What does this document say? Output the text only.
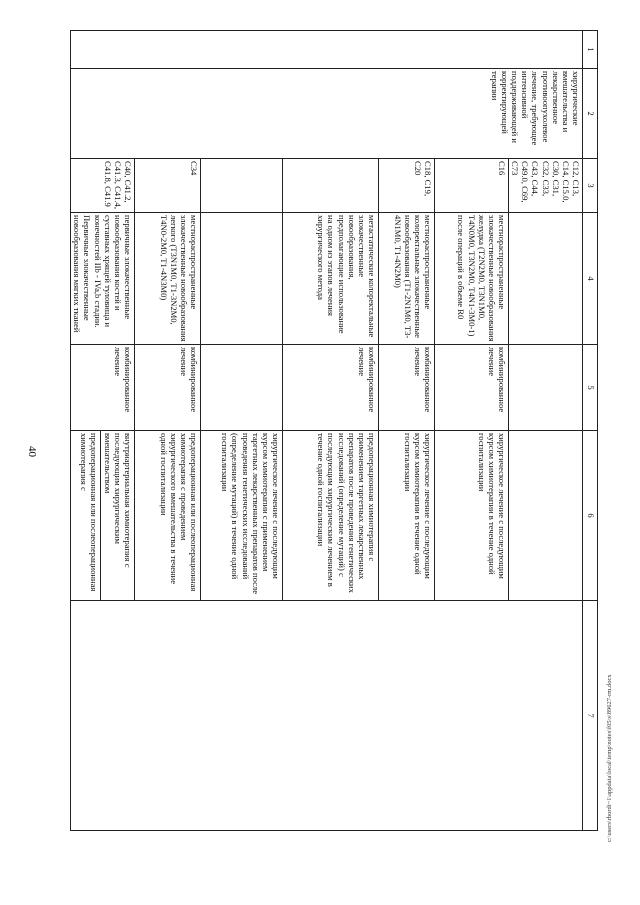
40
c:\users\rbordi~1\appdata\local\temp\notes\f05\s\89627-rm.docx
1	2	3	4	5	6	7
	хирургические вмешательства и лекарственное противоопухолевое лечение, требующее интенсивной поддерживающей и корректирующей терапии	C12, C13, C14, C15.0, C30, C31, C32, C33, C43, C44, C49.0, C69, C73				
		C16	местнораспространенные злокачественные новообразования желудка (T2N2M0, T3N1M0, T4N0M0, T3N2M0, T4N1-3M0-1) после операций в объеме R0	комбинированное лечение	хирургическое лечение с последующим курсом химиотерапии в течение одной госпитализации	
		C18, C19, C20	местнораспространенные колоректальные злокачественные новообразования (T1-2N1M0, T3-4N1M0, T1-4N2M0)	комбинированное лечение	хирургическое лечение с последующим курсом химиотерапии в течение одной госпитализации	
			метастатические колоректальные злокачественные новообразования, предполагающие использование на одном из этапов лечения хирургического метода	комбинированное лечение	предоперационная химиотерапия с применением таргетных лекарственных препаратов после проведения генетических исследований (определение мутаций) с последующим хирургическим лечением в течение одной госпитализации	
					хирургическое лечение с последующим курсом химиотерапии с применением таргетных лекарственных препаратов после проведения генетических исследований (определение мутаций) в течение одной госпитализации	
		C34	местнораспространенные злокачественные новообразования легкого (T3N1M0, T1-3N2M0, T4N0-2M0, T1-4N3M0)	комбинированное лечение	предоперационная или послеоперационная химиотерапия с проведением хирургического вмешательства в течение одной госпитализации	
		C40, C41.2, C41.3, C41.4, C41.8, C41.9	первичные злокачественные новообразования костей и суставных хрящей туловища и конечностей IIb - IVa,b стадии. Первичные злокачественные новообразования мягких тканей	комбинированное лечение	внутриартериальная химиотерапия с последующим хирургическим вмешательством	
					предоперационная или послеоперационная химиотерапия с	
